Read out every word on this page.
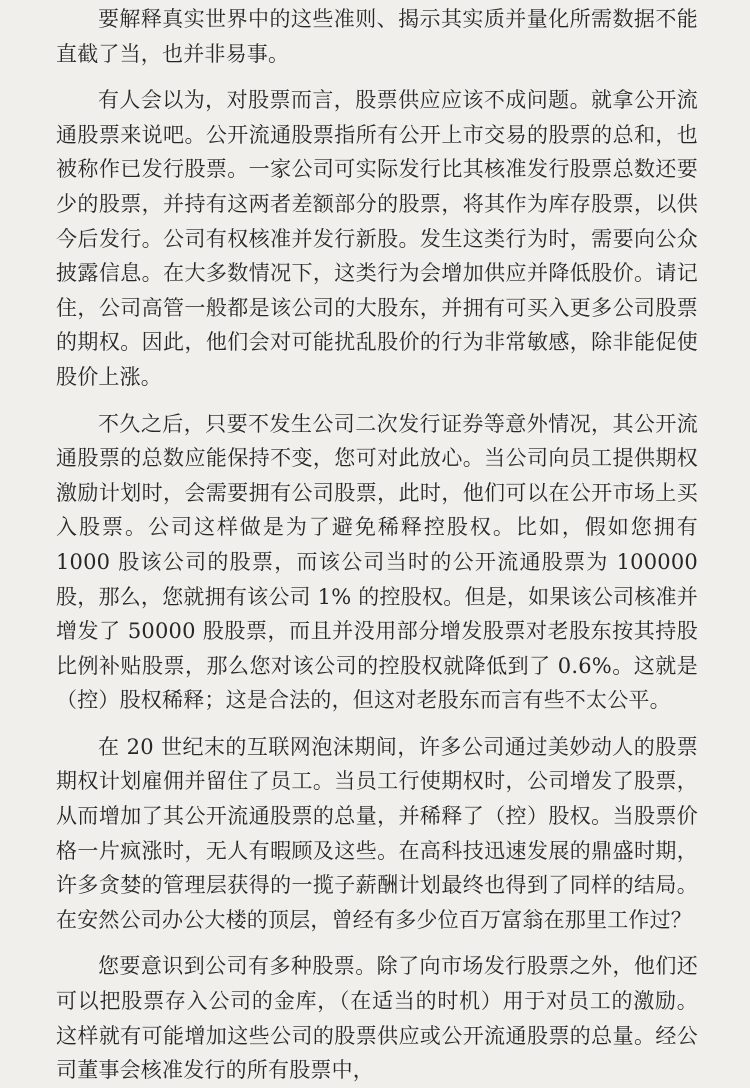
要解释真实世界中的这些准则、揭示其实质并量化所需数据不能直截了当，也并非易事。

有人会以为，对股票而言，股票供应应该不成问题。就拿公开流通股票来说吧。公开流通股票指所有公开上市交易的股票的总和，也被称作已发行股票。一家公司可实际发行比其核准发行股票总数还要少的股票，并持有这两者差额部分的股票，将其作为库存股票，以供今后发行。公司有权核准并发行新股。发生这类行为时，需要向公众披露信息。在大多数情况下，这类行为会增加供应并降低股价。请记住，公司高管一般都是该公司的大股东，并拥有可买入更多公司股票的期权。因此，他们会对可能扰乱股价的行为非常敏感，除非能促使股价上涨。

不久之后，只要不发生公司二次发行证券等意外情况，其公开流通股票的总数应能保持不变，您可对此放心。当公司向员工提供期权激励计划时，会需要拥有公司股票，此时，他们可以在公开市场上买入股票。公司这样做是为了避免稀释控股权。比如，假如您拥有 1000 股该公司的股票，而该公司当时的公开流通股票为 100000 股，那么，您就拥有该公司 1% 的控股权。但是，如果该公司核准并增发了 50000 股股票，而且并没用部分增发股票对老股东按其持股比例补贴股票，那么您对该公司的控股权就降低到了 0.6%。这就是（控）股权稀释；这是合法的，但这对老股东而言有些不太公平。

在 20 世纪末的互联网泡沫期间，许多公司通过美妙动人的股票期权计划雇佣并留住了员工。当员工行使期权时，公司增发了股票，从而增加了其公开流通股票的总量，并稀释了（控）股权。当股票价格一片疯涨时，无人有暇顾及这些。在高科技迅速发展的鼎盛时期，许多贪婪的管理层获得的一揽子薪酬计划最终也得到了同样的结局。在安然公司办公大楼的顶层，曾经有多少位百万富翁在那里工作过？

您要意识到公司有多种股票。除了向市场发行股票之外，他们还可以把股票存入公司的金库，（在适当的时机）用于对员工的激励。这样就有可能增加这些公司的股票供应或公开流通股票的总量。经公司董事会核准发行的所有股票中，
